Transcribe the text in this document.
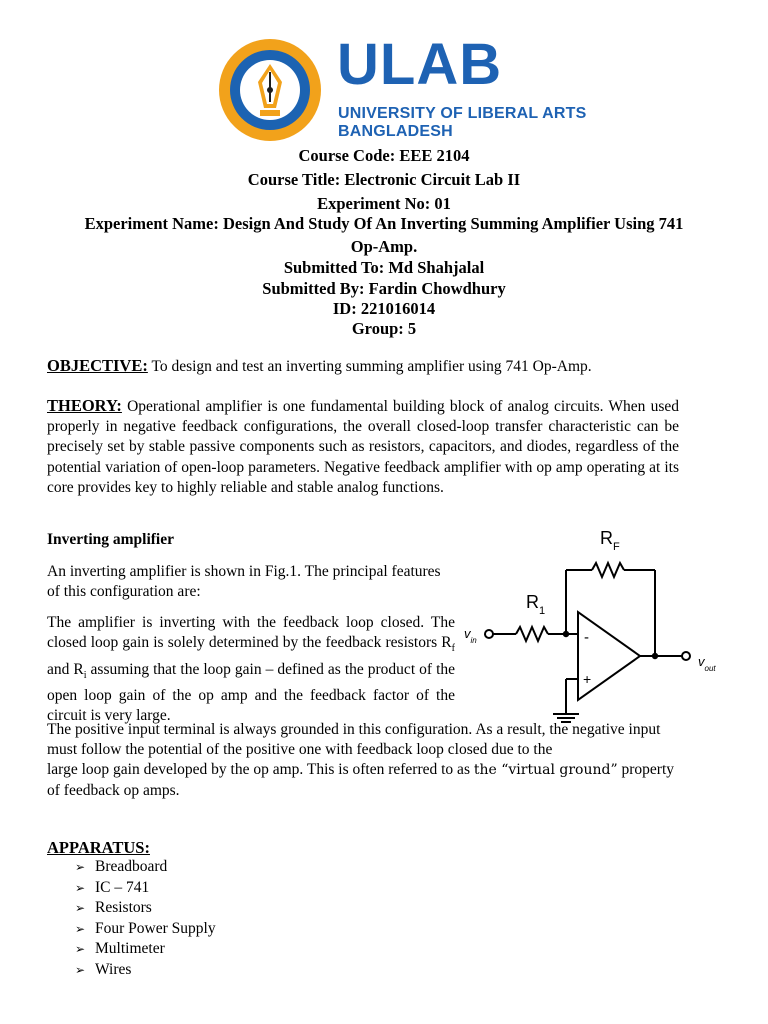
ULAB
UNIVERSITY OF LIBERAL ARTS
BANGLADESH
Course Code: EEE 2104
Course Title: Electronic Circuit Lab II
Experiment No: 01
Experiment Name: Design And Study Of An Inverting Summing Amplifier Using 741
Op-Amp.
Submitted To: Md Shahjalal
Submitted By: Fardin Chowdhury
ID: 221016014
Group: 5
OBJECTIVE: To design and test an inverting summing amplifier using 741 Op-Amp.
THEORY: Operational amplifier is one fundamental building block of analog circuits. When used properly in negative feedback configurations, the overall closed-loop transfer characteristic can be precisely set by stable passive components such as resistors, capacitors, and diodes, regardless of the potential variation of open-loop parameters. Negative feedback amplifier with op amp operating at its core provides key to highly reliable and stable analog functions.
Inverting amplifier
An inverting amplifier is shown in Fig.1. The principal features of this configuration are:
The amplifier is inverting with the feedback loop closed. The closed loop gain is solely determined by the feedback resistors $R_f$ and $R_i$ assuming that the loop gain – defined as the product of the open loop gain of the op amp and the feedback factor of the circuit is very large.
The positive input terminal is always grounded in this configuration. As a result, the negative input must follow the potential of the positive one with feedback loop closed due to the
large loop gain developed by the op amp. This is often referred to as the “virtual ground” property of feedback op amps.
$R_F$
$R_1$
$v_{in}$
$v_{out}$
-
+
APPARATUS:
➢ Breadboard
➢ IC – 741
➢ Resistors
➢ Four Power Supply
➢ Multimeter
➢ Wires
